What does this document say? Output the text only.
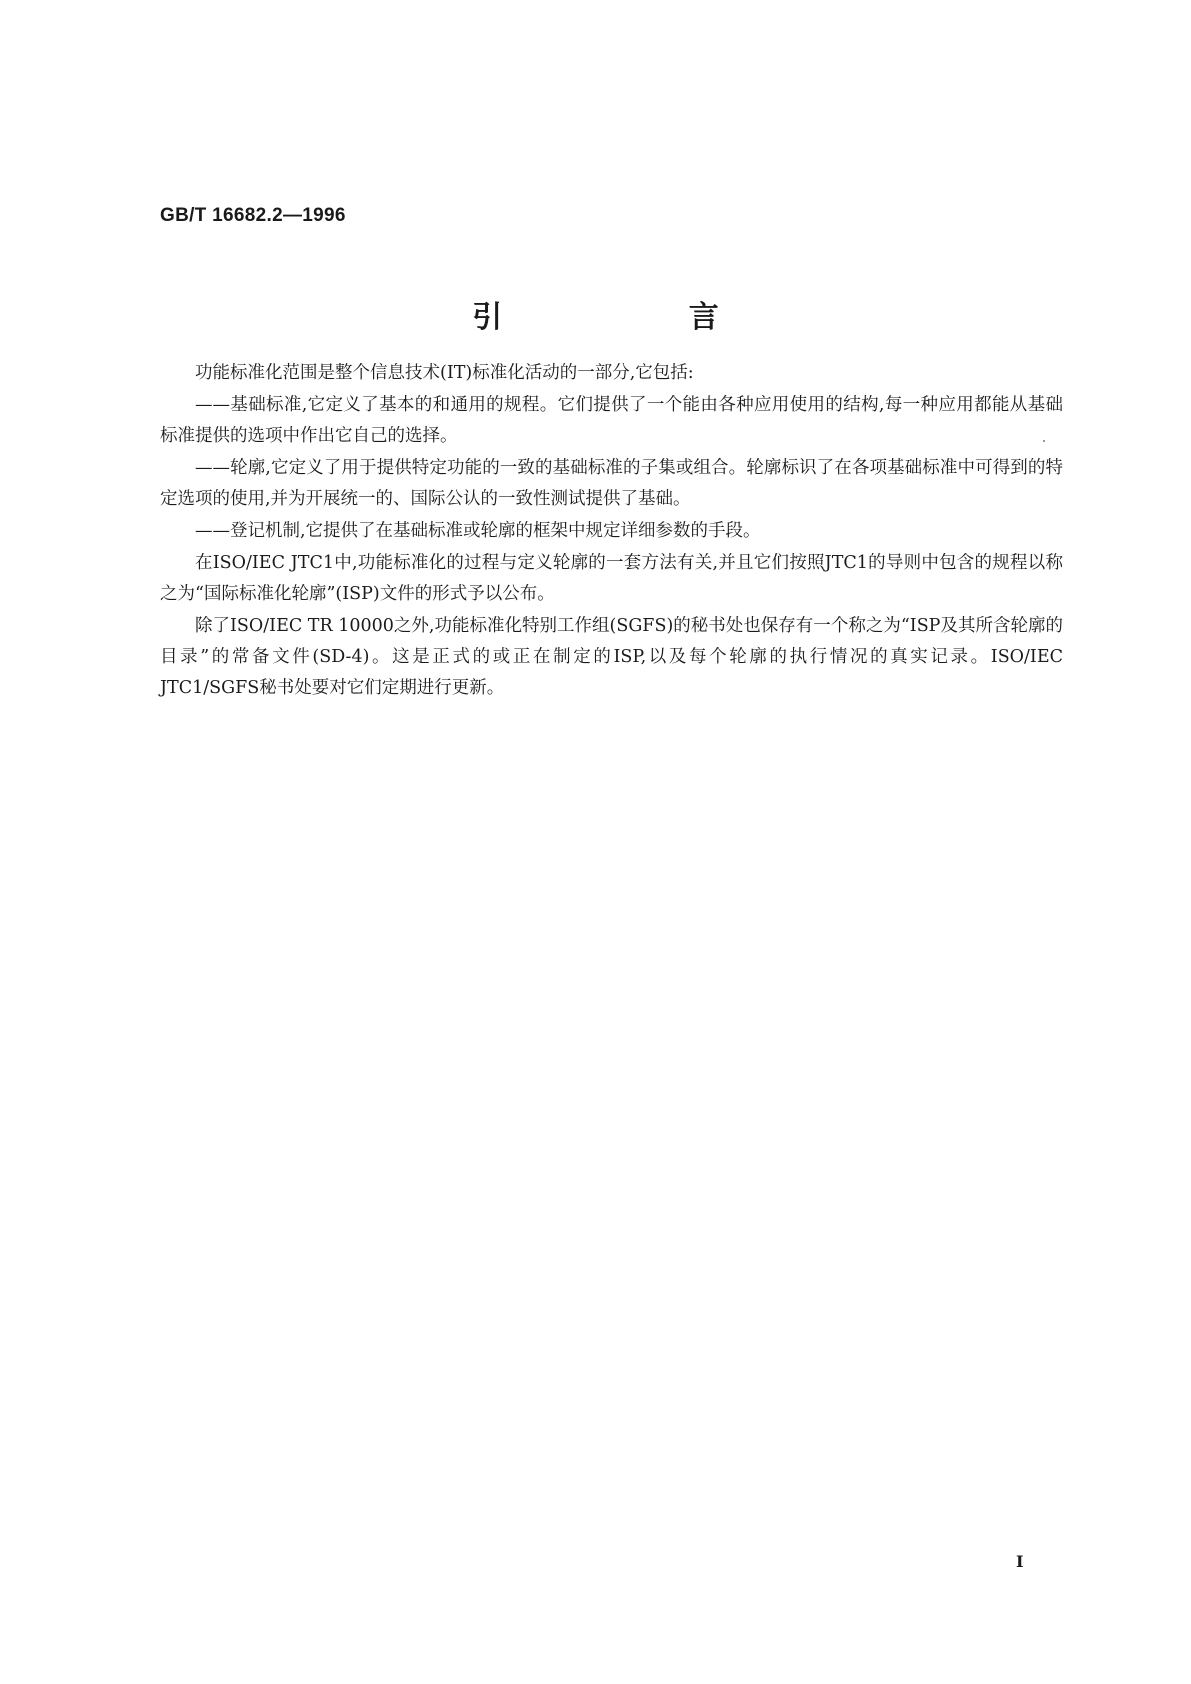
GB/T 16682.2—1996
引 言

功能标准化范围是整个信息技术(IT)标准化活动的一部分,它包括:

——基础标准,它定义了基本的和通用的规程。它们提供了一个能由各种应用使用的结构,每一种应用都能从基础标准提供的选项中作出它自己的选择。

——轮廓,它定义了用于提供特定功能的一致的基础标准的子集或组合。轮廓标识了在各项基础标准中可得到的特定选项的使用,并为开展统一的、国际公认的一致性测试提供了基础。

——登记机制,它提供了在基础标准或轮廓的框架中规定详细参数的手段。

在ISO/IEC JTC1中,功能标准化的过程与定义轮廓的一套方法有关,并且它们按照JTC1的导则中包含的规程以称之为“国际标准化轮廓”(ISP)文件的形式予以公布。

除了ISO/IEC TR 10000之外,功能标准化特别工作组(SGFS)的秘书处也保存有一个称之为“ISP及其所含轮廓的目录”的常备文件(SD-4)。这是正式的或正在制定的ISP,以及每个轮廓的执行情况的真实记录。ISO/IEC JTC1/SGFS秘书处要对它们定期进行更新。

I
